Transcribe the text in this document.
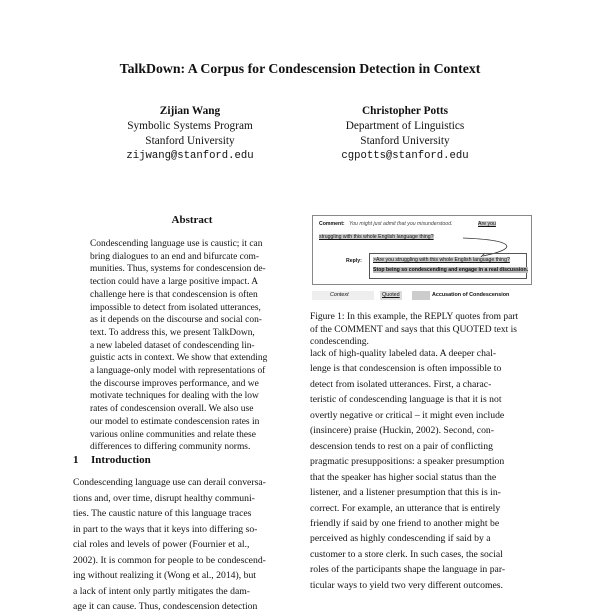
TalkDown: A Corpus for Condescension Detection in Context
Zijian Wang
Symbolic Systems Program
Stanford University
zijwang@stanford.edu
Christopher Potts
Department of Linguistics
Stanford University
cgpotts@stanford.edu
Abstract
Condescending language use is caustic; it can
bring dialogues to an end and bifurcate com-
munities. Thus, systems for condescension de-
tection could have a large positive impact. A
challenge here is that condescension is often
impossible to detect from isolated utterances,
as it depends on the discourse and social con-
text. To address this, we present TalkDown,
a new labeled dataset of condescending lin-
guistic acts in context. We show that extending
a language-only model with representations of
the discourse improves performance, and we
motivate techniques for dealing with the low
rates of condescension overall. We also use
our model to estimate condescension rates in
various online communities and relate these
differences to differing community norms.
1 Introduction
Condescending language use can derail conversa-
tions and, over time, disrupt healthy communi-
ties. The caustic nature of this language traces
in part to the ways that it keys into differing so-
cial roles and levels of power (Fournier et al.,
2002). It is common for people to be condescend-
ing without realizing it (Wong et al., 2014), but
a lack of intent only partly mitigates the dam-
age it can cause. Thus, condescension detection
Comment: You might just admit that you misunderstood.	Are you
struggling with this whole English language thing?
Reply: >Are you struggling with this whole English language thing?
Stop being so condescending and engage in a real discussion.
Context	Quoted	Accusation of Condescension
Figure 1: In this example, the REPLY quotes from part
of the COMMENT and says that this QUOTED text is
condescending.
lack of high-quality labeled data. A deeper chal-
lenge is that condescension is often impossible to
detect from isolated utterances. First, a charac-
teristic of condescending language is that it is not
overtly negative or critical – it might even include
(insincere) praise (Huckin, 2002). Second, con-
descension tends to rest on a pair of conflicting
pragmatic presuppositions: a speaker presumption
that the speaker has higher social status than the
listener, and a listener presumption that this is in-
correct. For example, an utterance that is entirely
friendly if said by one friend to another might be
perceived as highly condescending if said by a
customer to a store clerk. In such cases, the social
roles of the participants shape the language in par-
ticular ways to yield two very different outcomes.
